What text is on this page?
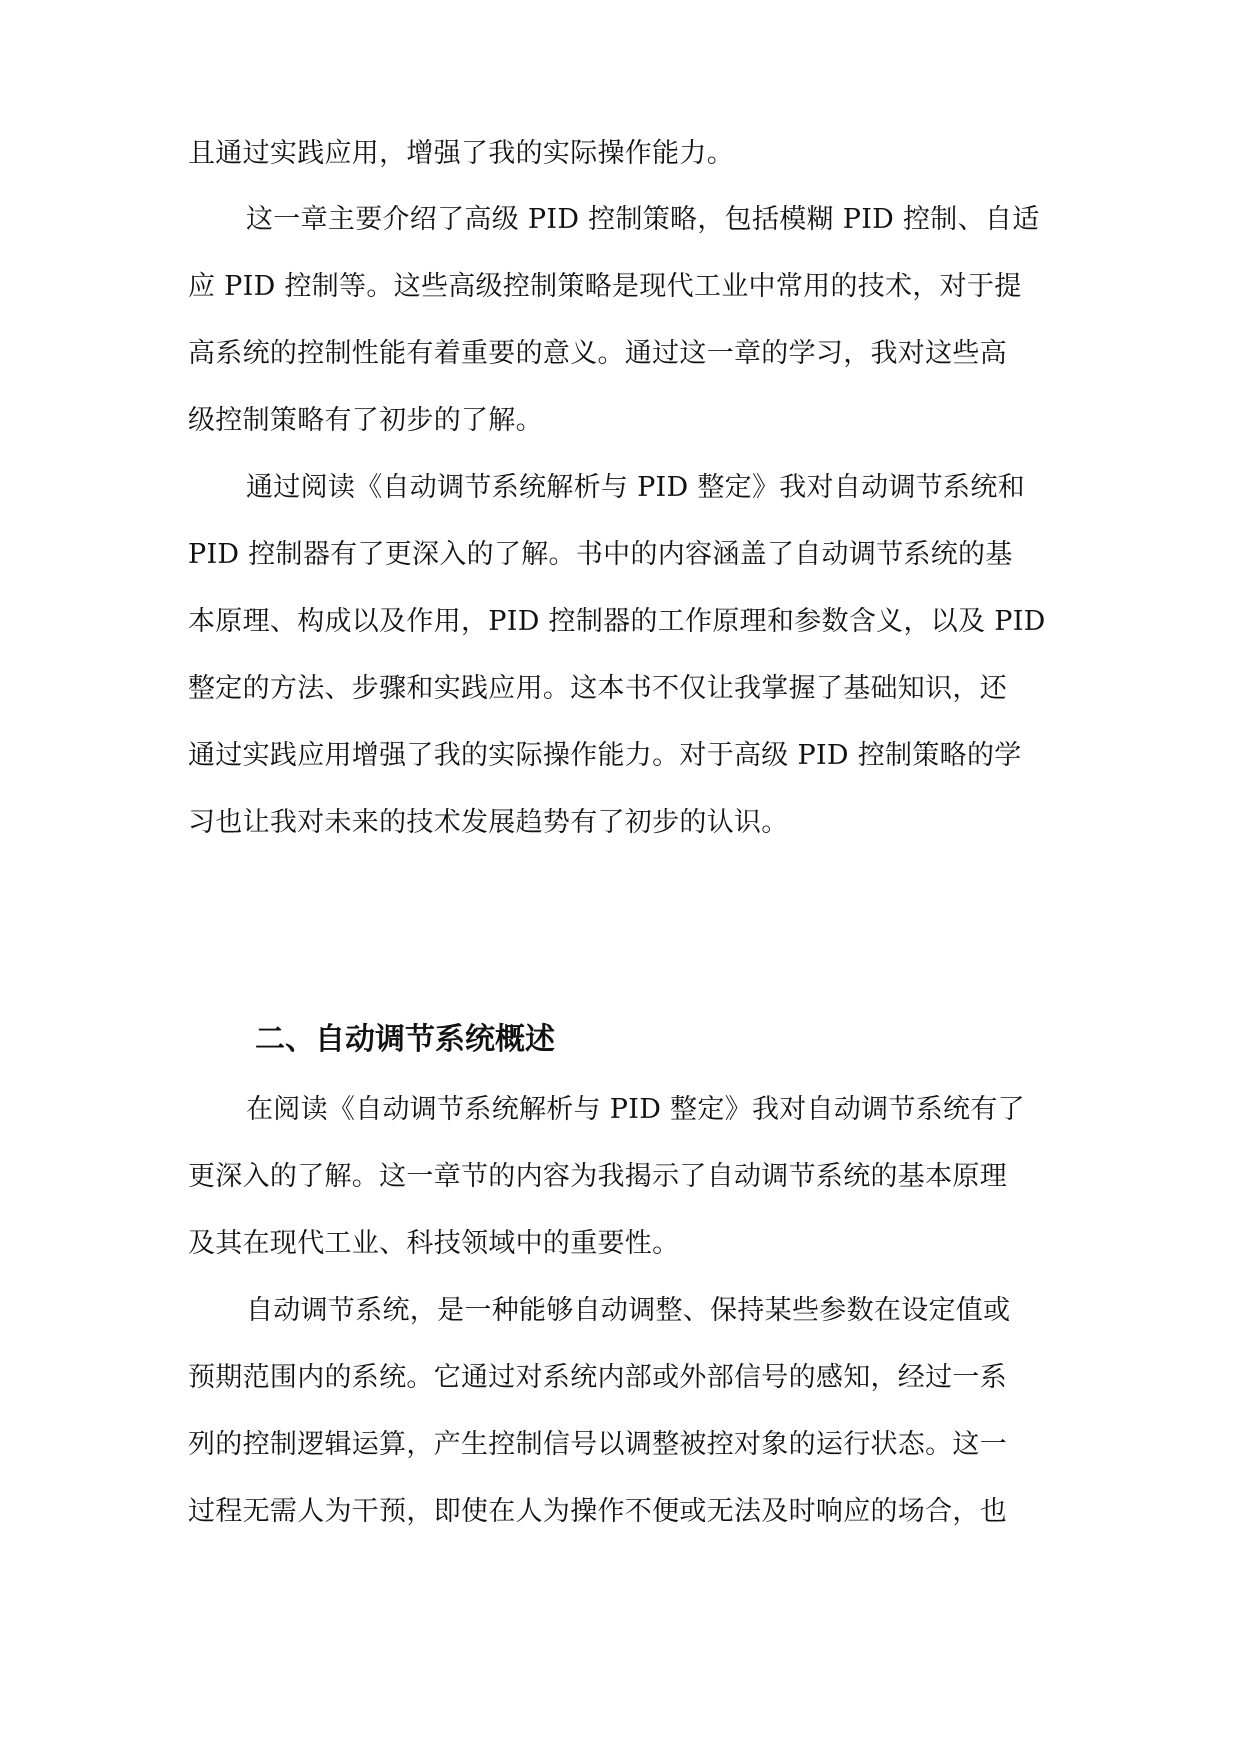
且通过实践应用，增强了我的实际操作能力。
这一章主要介绍了高级 PID 控制策略，包括模糊 PID 控制、自适
应 PID 控制等。这些高级控制策略是现代工业中常用的技术，对于提
高系统的控制性能有着重要的意义。通过这一章的学习，我对这些高
级控制策略有了初步的了解。
通过阅读《自动调节系统解析与 PID 整定》我对自动调节系统和
PID 控制器有了更深入的了解。书中的内容涵盖了自动调节系统的基
本原理、构成以及作用，PID 控制器的工作原理和参数含义，以及 PID
整定的方法、步骤和实践应用。这本书不仅让我掌握了基础知识，还
通过实践应用增强了我的实际操作能力。对于高级 PID 控制策略的学
习也让我对未来的技术发展趋势有了初步的认识。
在阅读《自动调节系统解析与 PID 整定》我对自动调节系统有了
更深入的了解。这一章节的内容为我揭示了自动调节系统的基本原理
及其在现代工业、科技领域中的重要性。
自动调节系统，是一种能够自动调整、保持某些参数在设定值或
预期范围内的系统。它通过对系统内部或外部信号的感知，经过一系
列的控制逻辑运算，产生控制信号以调整被控对象的运行状态。这一
过程无需人为干预，即使在人为操作不便或无法及时响应的场合，也
二、自动调节系统概述
